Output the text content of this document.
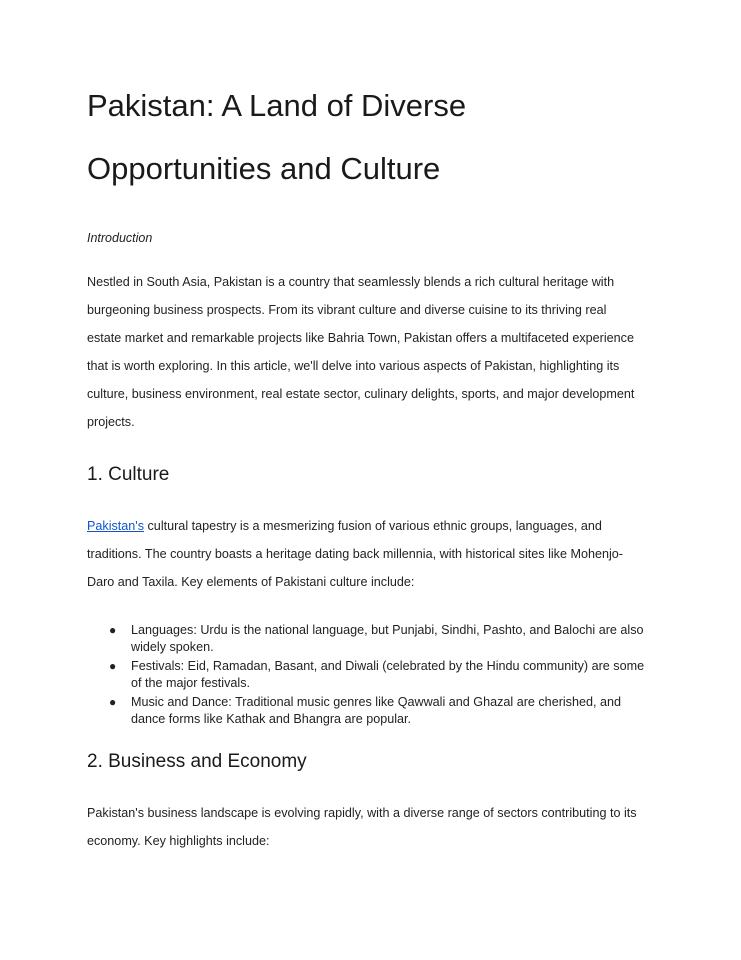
Pakistan: A Land of Diverse
Opportunities and Culture

Introduction

Nestled in South Asia, Pakistan is a country that seamlessly blends a rich cultural heritage with burgeoning business prospects. From its vibrant culture and diverse cuisine to its thriving real estate market and remarkable projects like Bahria Town, Pakistan offers a multifaceted experience that is worth exploring. In this article, we'll delve into various aspects of Pakistan, highlighting its culture, business environment, real estate sector, culinary delights, sports, and major development projects.

1. Culture

Pakistan's cultural tapestry is a mesmerizing fusion of various ethnic groups, languages, and traditions. The country boasts a heritage dating back millennia, with historical sites like Mohenjo-Daro and Taxila. Key elements of Pakistani culture include:

● Languages: Urdu is the national language, but Punjabi, Sindhi, Pashto, and Balochi are also widely spoken.
● Festivals: Eid, Ramadan, Basant, and Diwali (celebrated by the Hindu community) are some of the major festivals.
● Music and Dance: Traditional music genres like Qawwali and Ghazal are cherished, and dance forms like Kathak and Bhangra are popular.
2. Business and Economy

Pakistan's business landscape is evolving rapidly, with a diverse range of sectors contributing to its economy. Key highlights include:
